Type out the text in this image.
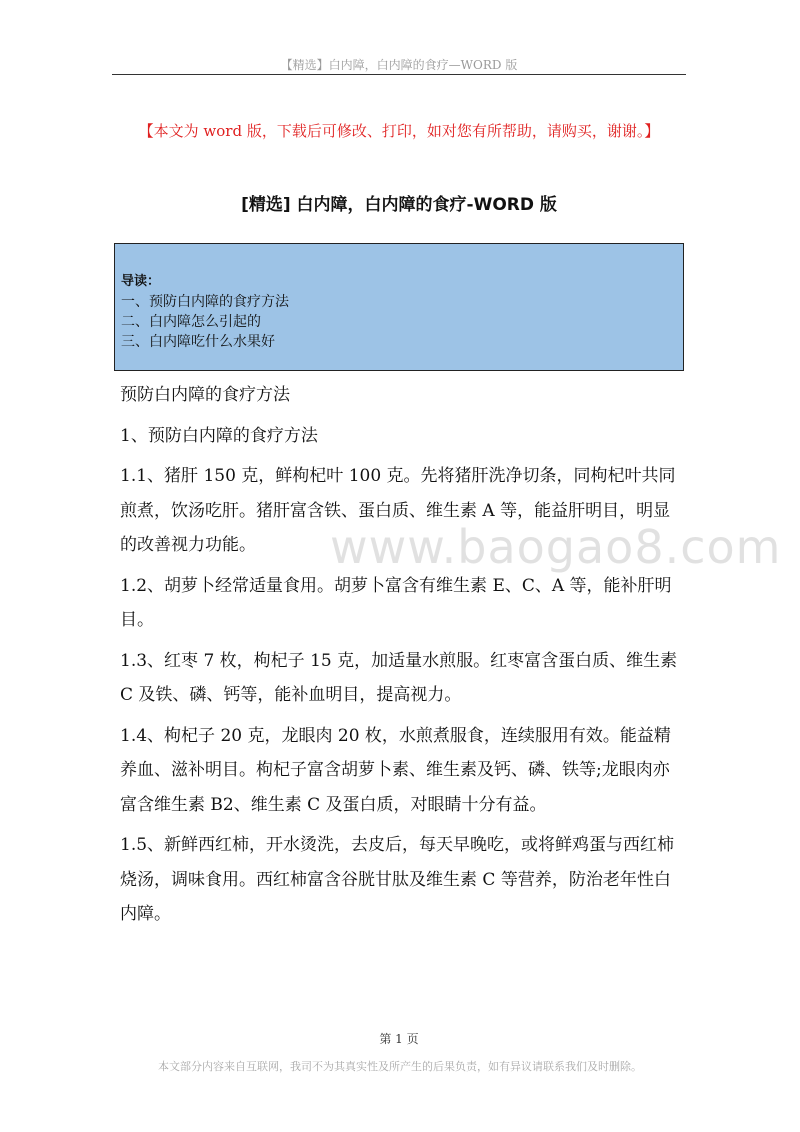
【精选】白内障，白内障的食疗—WORD 版
【本文为 word 版，下载后可修改、打印，如对您有所帮助，请购买，谢谢。】
[精选] 白内障，白内障的食疗-WORD 版
导读：
一、预防白内障的食疗方法
二、白内障怎么引起的
三、白内障吃什么水果好
www.baogao8.com

预防白内障的食疗方法

1、预防白内障的食疗方法

1.1、猪肝 150 克，鲜枸杞叶 100 克。先将猪肝洗净切条，同枸杞叶共同煎煮，饮汤吃肝。猪肝富含铁、蛋白质、维生素 A 等，能益肝明目，明显的改善视力功能。

1.2、胡萝卜经常适量食用。胡萝卜富含有维生素 E、C、A 等，能补肝明目。

1.3、红枣 7 枚，枸杞子 15 克，加适量水煎服。红枣富含蛋白质、维生素 C 及铁、磷、钙等，能补血明目，提高视力。

1.4、枸杞子 20 克，龙眼肉 20 枚，水煎煮服食，连续服用有效。能益精养血、滋补明目。枸杞子富含胡萝卜素、维生素及钙、磷、铁等;龙眼肉亦富含维生素 B2、维生素 C 及蛋白质，对眼睛十分有益。

1.5、新鲜西红柿，开水烫洗，去皮后，每天早晚吃，或将鲜鸡蛋与西红柿烧汤，调味食用。西红柿富含谷胱甘肽及维生素 C 等营养，防治老年性白内障。

第 1 页
本文部分内容来自互联网，我司不为其真实性及所产生的后果负责，如有异议请联系我们及时删除。
